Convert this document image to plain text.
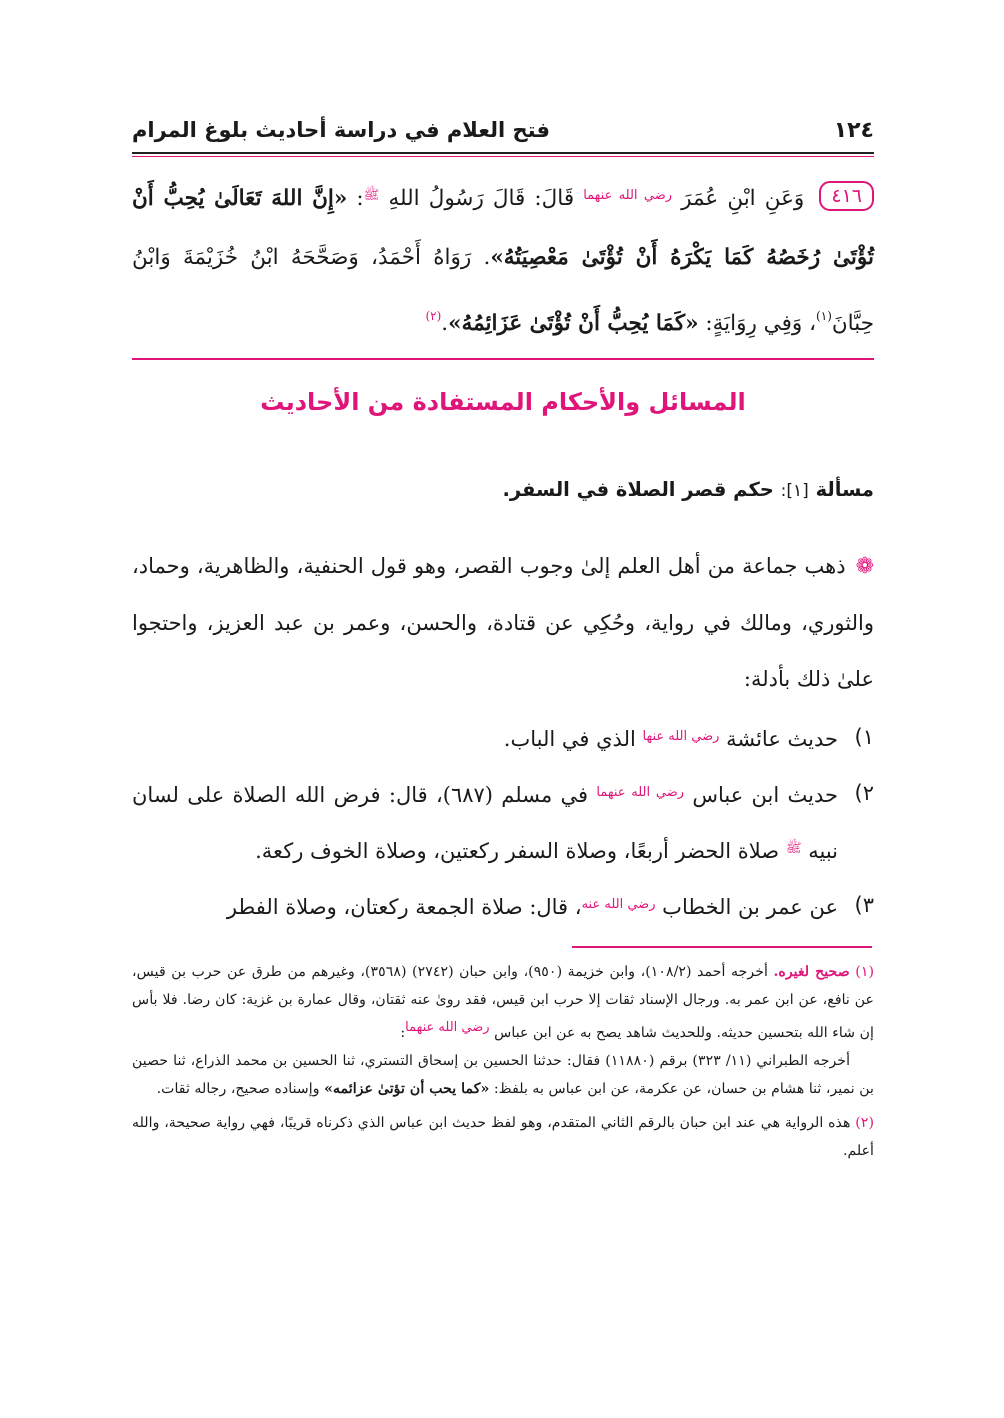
١٢٤
فتح العلام في دراسة أحاديث بلوغ المرام
٤١٦ وَعَنِ ابْنِ عُمَرَ $^{رضي الله عنهما}$ قَالَ: قَالَ رَسُولُ اللهِ $^ﷺ$: «إِنَّ اللهَ تَعَالَىٰ يُحِبُّ أَنْ تُؤْتَىٰ رُخَصُهُ كَمَا يَكْرَهُ أَنْ تُؤْتَىٰ مَعْصِيَتُهُ». رَوَاهُ أَحْمَدُ، وَصَحَّحَهُ ابْنُ خُزَيْمَةَ وَابْنُ حِبَّانَ$^{(١)}$، وَفِي رِوَايَةٍ: «كَمَا يُحِبُّ أَنْ تُؤْتَىٰ عَزَائِمُهُ».$^{(٢)}$
المسائل والأحكام المستفادة من الأحاديث
مسألة [١]: حكم قصر الصلاة في السفر.
❁ذهب جماعة من أهل العلم إلىٰ وجوب القصر، وهو قول الحنفية، والظاهرية، وحماد، والثوري، ومالك في رواية، وحُكِي عن قتادة، والحسن، وعمر بن عبد العزيز، واحتجوا علىٰ ذلك بأدلة:
١)
حديث عائشة $^{رضي الله عنها}$ الذي في الباب.
٢)
حديث ابن عباس $^{رضي الله عنهما}$ في مسلم (٦٨٧)، قال: فرض الله الصلاة على لسان نبيه $^ﷺ$ صلاة الحضر أربعًا، وصلاة السفر ركعتين، وصلاة الخوف ركعة.
٣)
عن عمر بن الخطاب $^{رضي الله عنه}$، قال: صلاة الجمعة ركعتان، وصلاة الفطر
(١) صحيح لغيره. أخرجه أحمد (١٠٨/٢)، وابن خزيمة (٩٥٠)، وابن حبان (٢٧٤٢) (٣٥٦٨)، وغيرهم من طرق عن حرب بن قيس، عن نافع، عن ابن عمر به. ورجال الإسناد ثقات إلا حرب ابن قيس، فقد روىٰ عنه ثقتان، وقال عمارة بن غزية: كان رضا. فلا بأس إن شاء الله بتحسين حديثه. وللحديث شاهد يصح به عن ابن عباس رضي الله عنهما:
أخرجه الطبراني (١١/ ٣٢٣) برقم (١١٨٨٠) فقال: حدثنا الحسين بن إسحاق التستري، ثنا الحسين بن محمد الذراع، ثنا حصين بن نمير، ثنا هشام بن حسان، عن عكرمة، عن ابن عباس به بلفظ: «كما يحب أن تؤتىٰ عزائمه» وإسناده صحيح، رجاله ثقات.
(٢) هذه الرواية هي عند ابن حبان بالرقم الثاني المتقدم، وهو لفظ حديث ابن عباس الذي ذكرناه قريبًا، فهي رواية صحيحة، والله أعلم.
